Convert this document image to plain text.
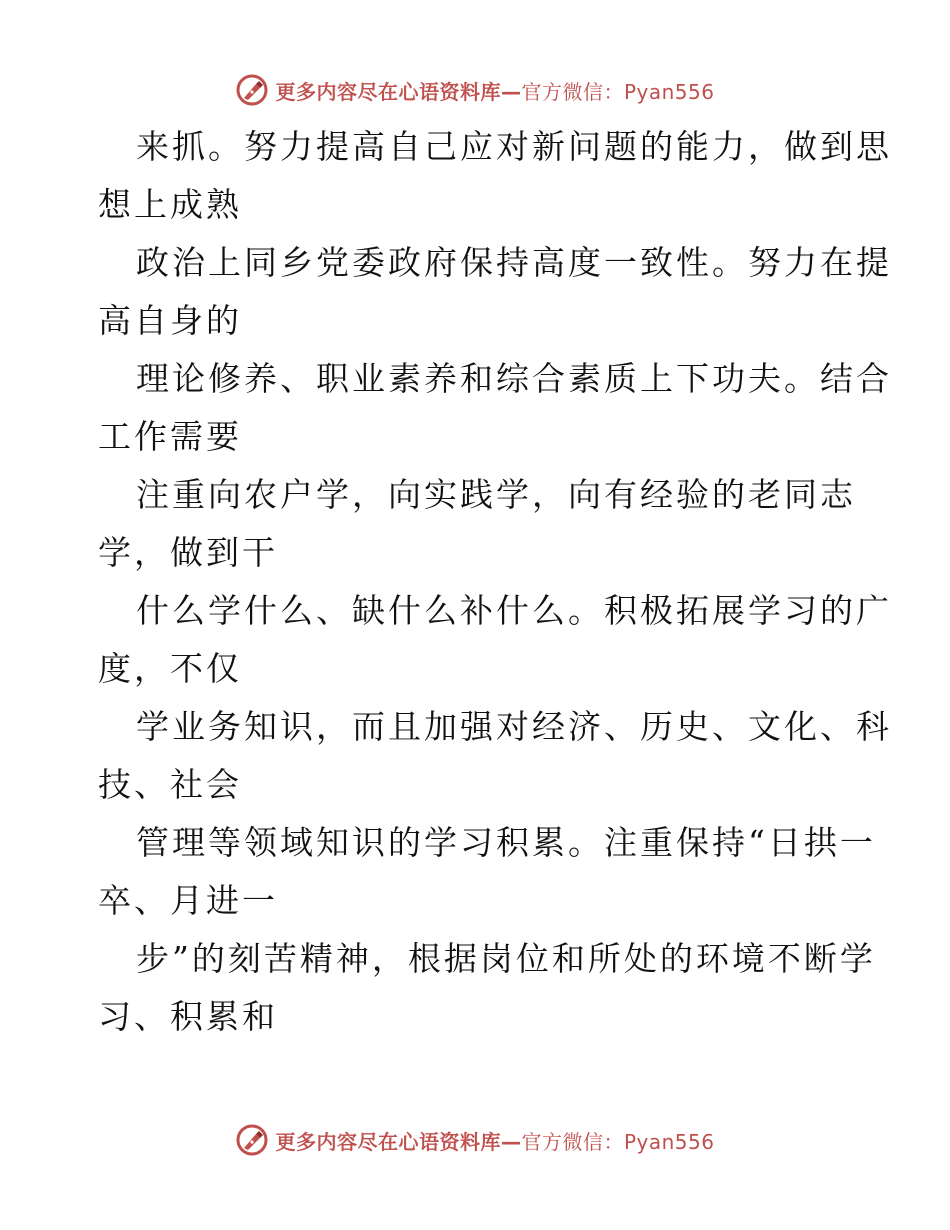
更多内容尽在心语资料库—官方微信：Pyan556
来抓。努力提高自己应对新问题的能力，做到思
想上成熟
政治上同乡党委政府保持高度一致性。努力在提
高自身的
理论修养、职业素养和综合素质上下功夫。结合
工作需要
注重向农户学，向实践学，向有经验的老同志
学，做到干
什么学什么、缺什么补什么。积极拓展学习的广
度，不仅
学业务知识，而且加强对经济、历史、文化、科
技、社会
管理等领域知识的学习积累。注重保持“日拱一
卒、月进一
步”的刻苦精神，根据岗位和所处的环境不断学
习、积累和
更多内容尽在心语资料库—官方微信：Pyan556
